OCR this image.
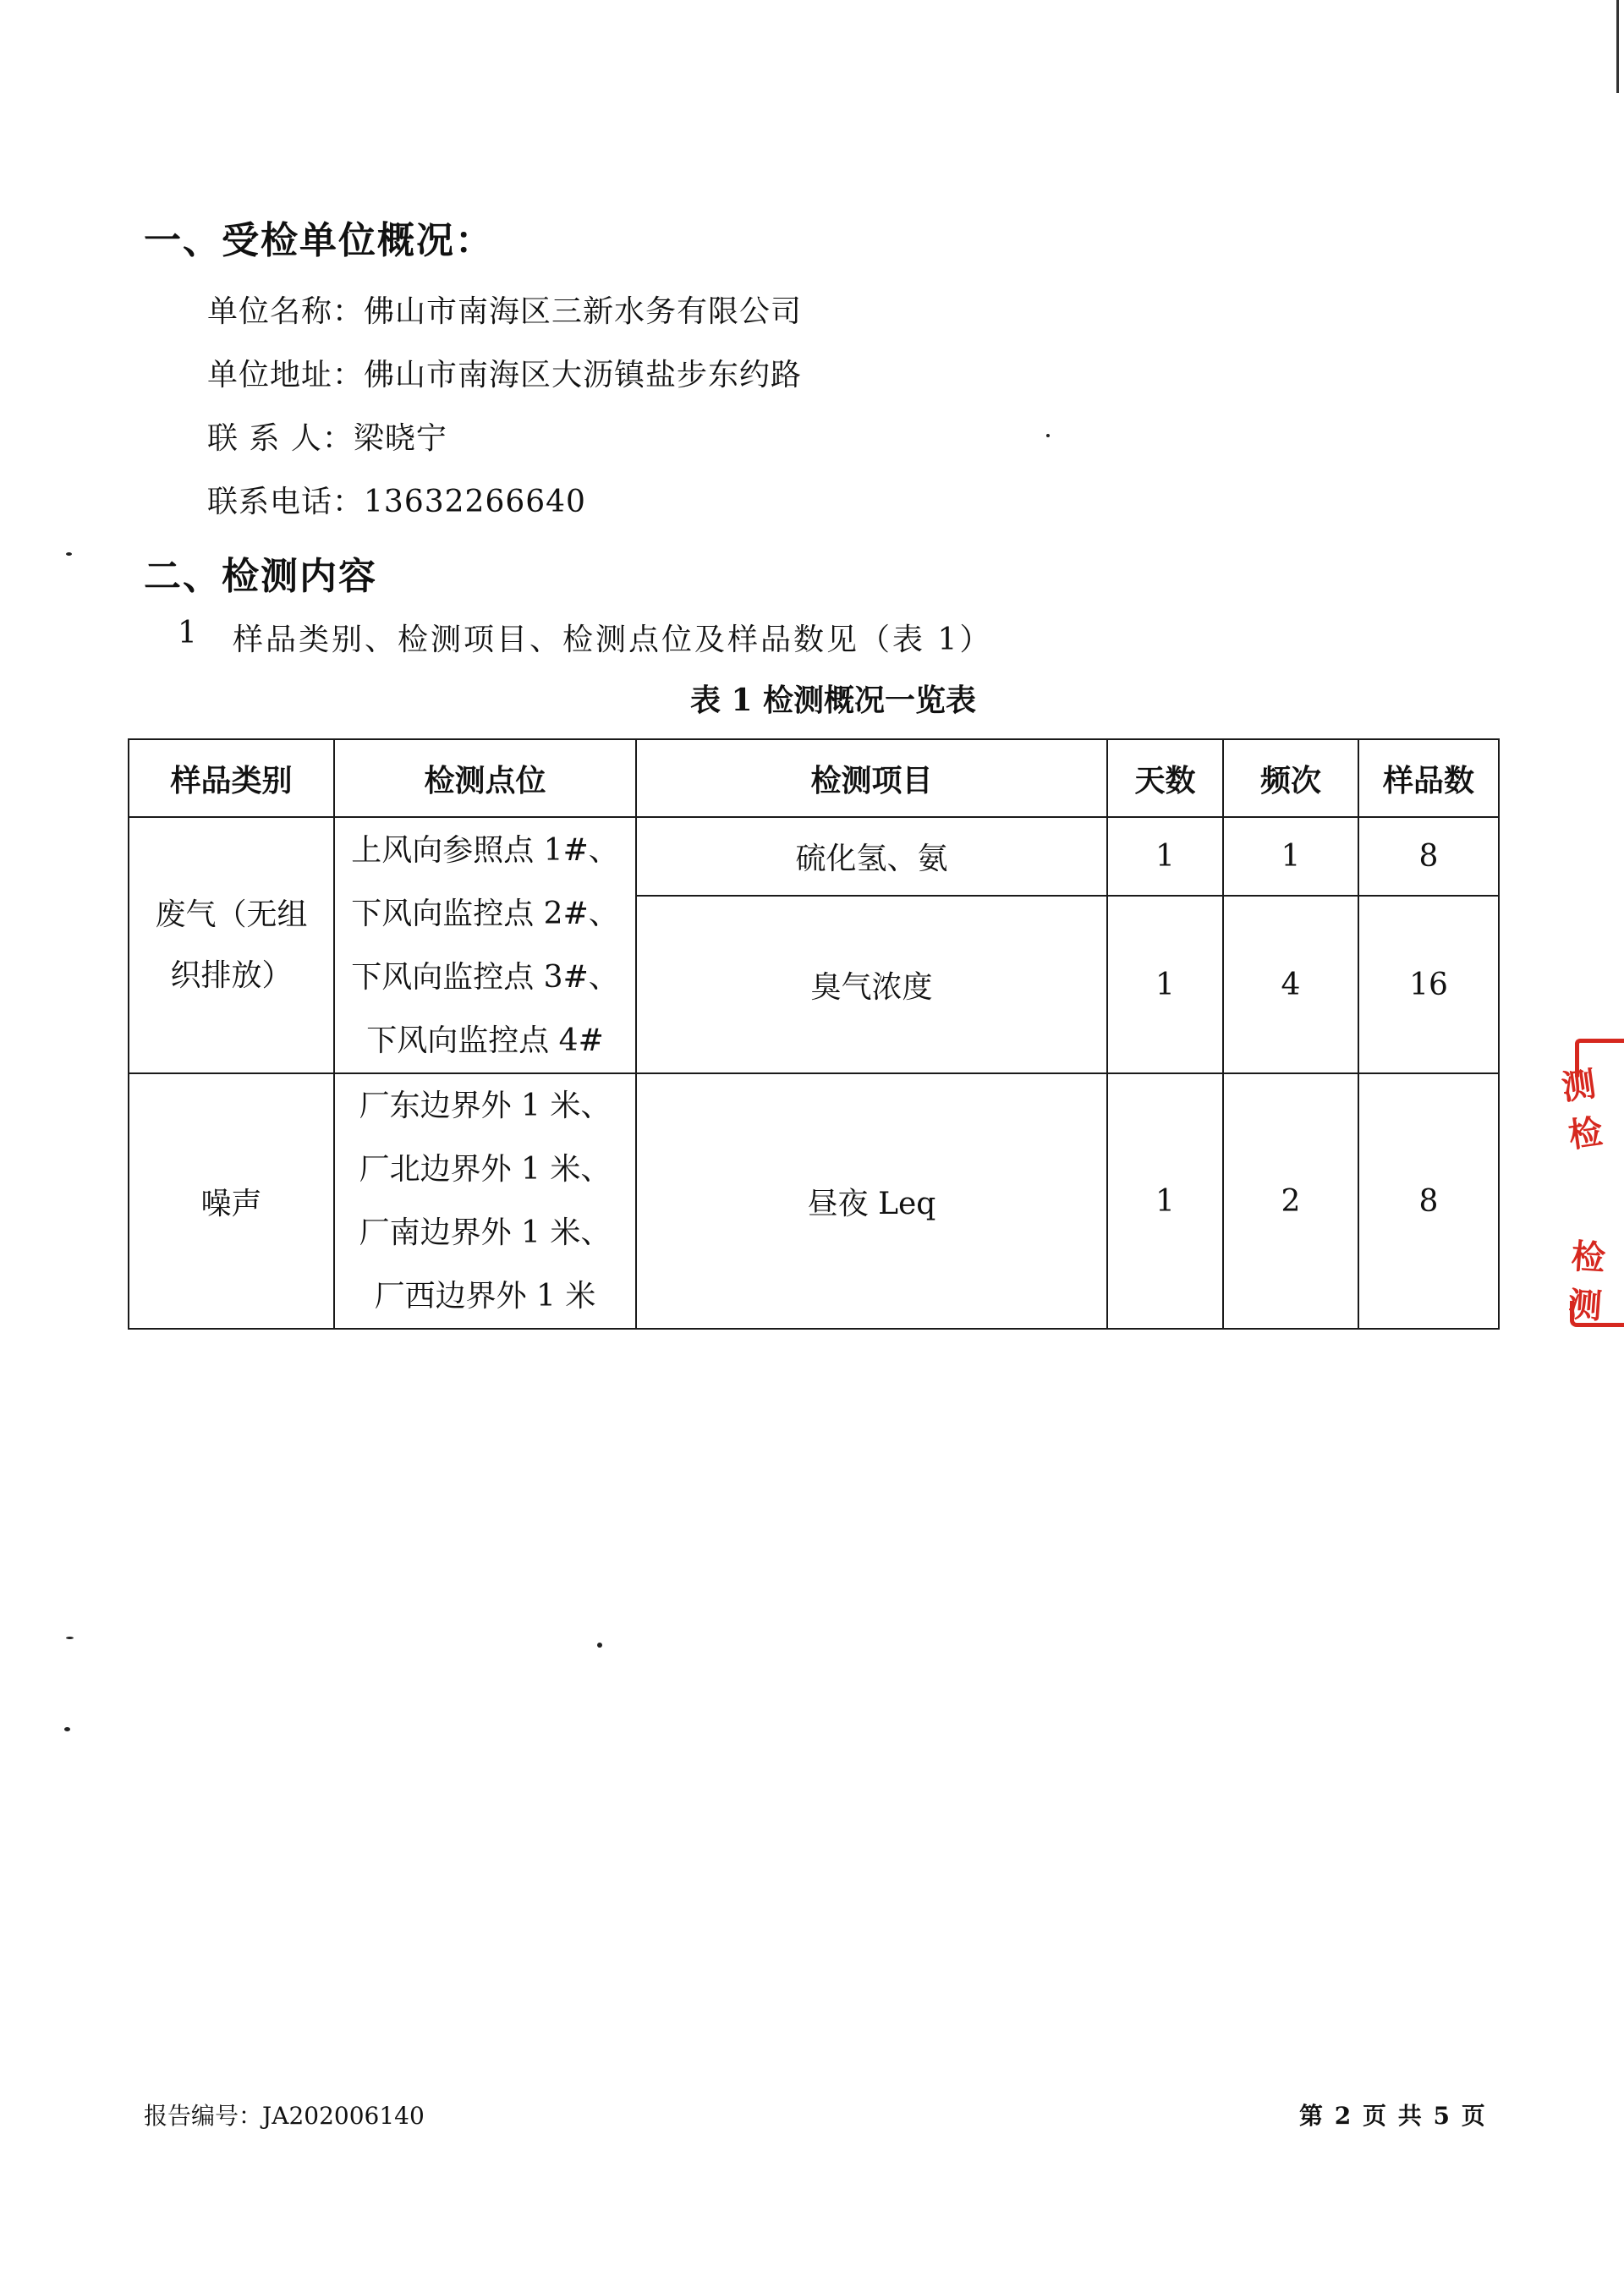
一、受检单位概况：
单位名称：佛山市南海区三新水务有限公司
单位地址：佛山市南海区大沥镇盐步东约路
联 系 人：梁晓宁
联系电话：13632266640
二、检测内容
1 样品类别、检测项目、检测点位及样品数见（表 1）
表 1 检测概况一览表
样品类别	检测点位	检测项目	天数	频次	样品数
废气（无组织排放）	上风向参照点 1#、
下风向监控点 2#、
下风向监控点 3#、
下风向监控点 4#	硫化氢、氨	1	1	8
		臭气浓度	1	4	16
噪声	厂东边界外 1 米、
厂北边界外 1 米、
厂南边界外 1 米、
厂西边界外 1 米	昼夜 Leq	1	2	8
测检
检测
报告编号：JA202006140	第 2 页 共 5 页
